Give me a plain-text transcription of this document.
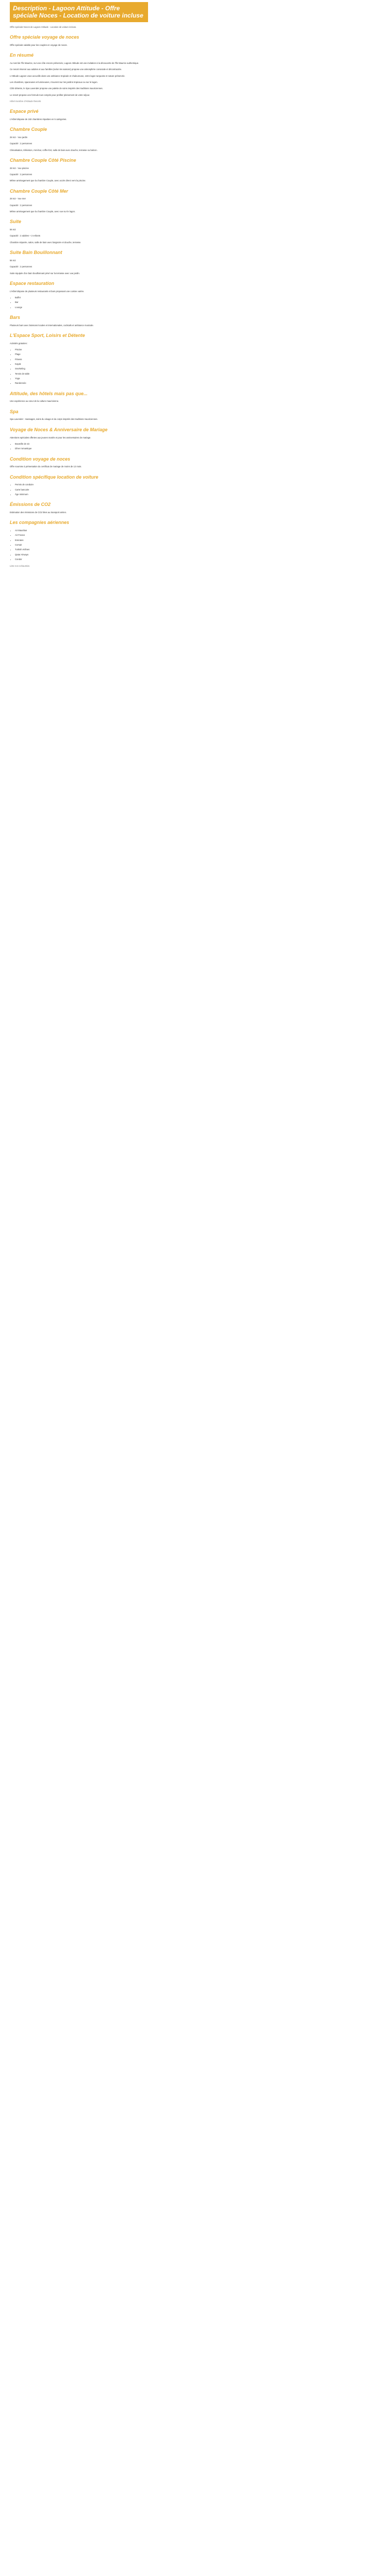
Description - Lagoon Attitude - Offre spéciale Noces - Location de voiture incluse

Offre spéciale Noces de Lagoon Attitude - Location de voiture incluse.

Offre spéciale voyage de noces

Offre spéciale valable pour les couples en voyage de noces.

En résumé

Au nord de l'île Maurice, sur une côte encore préservée, Lagoon Attitude est une invitation à la découverte de l'Île Maurice authentique.

Ce resort réservé aux adultes et aux familles (selon les saisons) propose une atmosphère conviviale et décontractée.

L'Attitude Lagoon vous accueille dans une ambiance tropicale et chaleureuse, entre lagon turquoise et nature préservée.

Les chambres, spacieuses et lumineuses, s'ouvrent sur les jardins tropicaux ou sur le lagon.

Côté détente, le Spa Lavender propose une palette de soins inspirés des traditions mauriciennes.

Le resort propose une formule tout compris pour profiter pleinement de votre séjour.

Hôtel membre d'Attitude Resorts

Espace privé

L'Hôtel dispose de 192 chambres réparties en 5 catégories.

Chambre Couple

28 m2 - Vue jardin

Capacité : 2 personnes

Climatisation, télévision, mini-bar, coffre-fort, salle de bain avec douche, terrasse ou balcon.

Chambre Couple Côté Piscine

28 m2 - Vue piscine

Capacité : 2 personnes

Même aménagement que la chambre Couple, avec accès direct vers la piscine.

Chambre Couple Côté Mer

28 m2 - Vue mer

Capacité : 2 personnes

Même aménagement que la chambre Couple, avec vue sur le lagon.

Suite

56 m2

Capacité : 2 adultes + 2 enfants

Chambre séparée, salon, salle de bain avec baignoire et douche, terrasse.

Suite Bain Bouillonnant

56 m2

Capacité : 2 personnes

Suite équipée d'un bain bouillonnant privé sur la terrasse avec vue jardin.

Espace restauration

L'Hôtel dispose de plusieurs restaurants et bars proposant une cuisine variée.

• Buffet
• Bar
• Lounge
Bars

Plusieurs bars avec boissons locales et internationales, cocktails et ambiance musicale.

L'Espace Sport, Loisirs et Détente

Activités gratuites :

• Piscine
• Plage
• Fitness
• Kayak
• Snorkeling
• Tennis de table
• Yoga
• Randonnée
Attitude, des hôtels mais pas que...

Une expérience au cœur de la culture mauricienne.

Spa

Spa Lavender : massages, soins du visage et du corps inspirés des traditions mauriciennes.

Voyage de Noces & Anniversaire de Mariage

Attentions spéciales offertes aux jeunes mariés et pour les anniversaires de mariage.

• Bouteille de vin
• Dîner romantique
Condition voyage de noces

Offre soumise à présentation du certificat de mariage de moins de 12 mois.

Condition spécifique location de voiture
• Permis de conduire
• Carte bancaire
• Âge minimum
Émissions de CO2

Estimation des émissions de CO2 liées au transport aérien.

Les compagnies aériennes
• Air Mauritius
• Air France
• Emirates
• Corsair
• Turkish Airlines
• Qatar Airways
• Condor

Liste non exhaustive.
